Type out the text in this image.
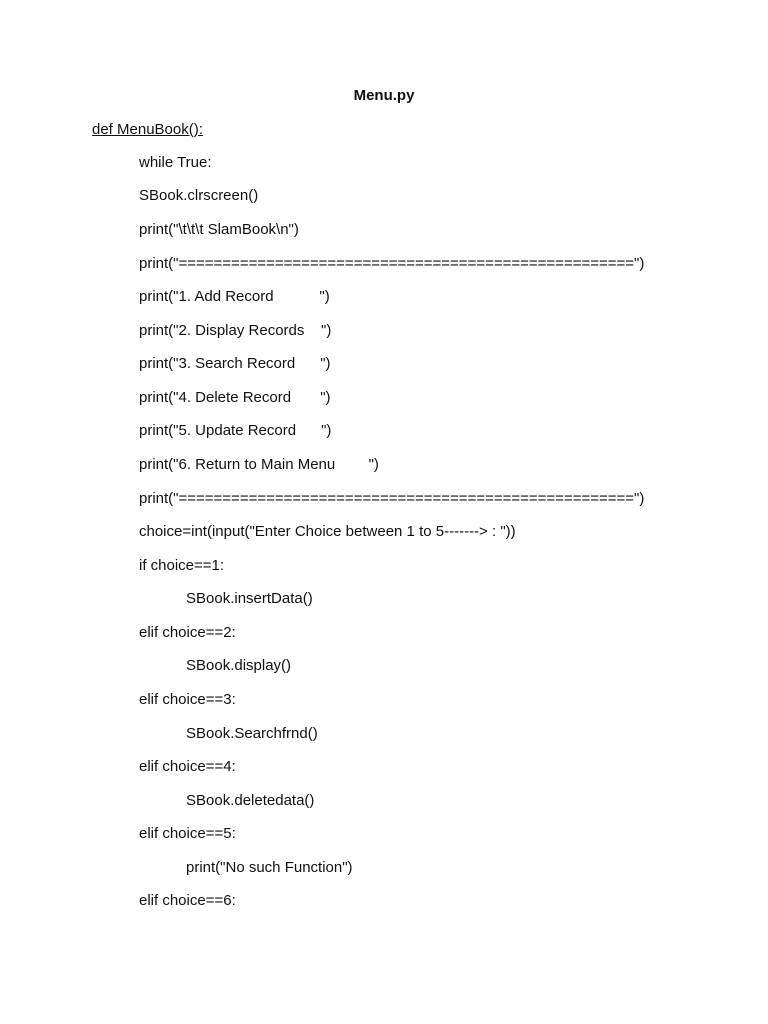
Menu.py
def MenuBook():
while True:
SBook.clrscreen()
print("\t\t\t SlamBook\n")
print("====================================================")
print("1. Add Record           ")
print("2. Display Records    ")
print("3. Search Record      ")
print("4. Delete Record       ")
print("5. Update Record      ")
print("6. Return to Main Menu        ")
print("====================================================")
choice=int(input("Enter Choice between 1 to 5-------> : "))
if choice==1:
SBook.insertData()
elif choice==2:
SBook.display()
elif choice==3:
SBook.Searchfrnd()
elif choice==4:
SBook.deletedata()
elif choice==5:
print("No such Function")
elif choice==6:
